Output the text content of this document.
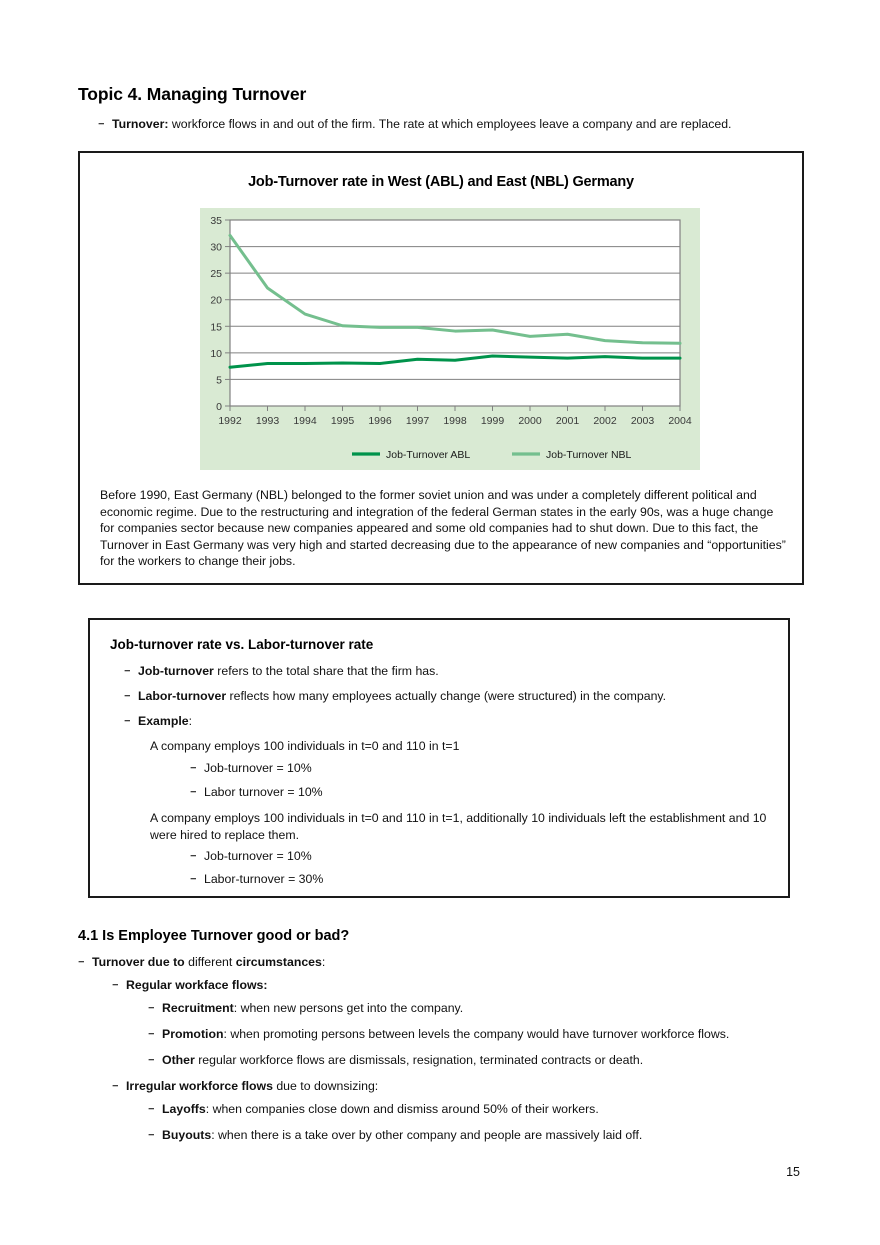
Topic 4. Managing Turnover
⁻ Turnover: workforce flows in and out of the firm. The rate at which employees leave a company and are replaced.
Job-Turnover rate in West (ABL) and East (NBL) Germany
0
5
10
15
20
25
30
35
1992 1993 1994 1995 1996 1997 1998 1999 2000 2001 2002 2003 2004
Job-Turnover ABL	Job-Turnover NBL
Before 1990, East Germany (NBL) belonged to the former soviet union and was under a completely different political and economic regime. Due to the restructuring and integration of the federal German states in the early 90s, was a huge change for companies sector because new companies appeared and some old companies had to shut down. Due to this fact, the Turnover in East Germany was very high and started decreasing due to the appearance of new companies and “opportunities” for the workers to change their jobs.
Job-turnover rate vs. Labor-turnover rate
⁻ Job-turnover refers to the total share that the firm has.
⁻ Labor-turnover reflects how many employees actually change (were structured) in the company.
⁻ Example:
A company employs 100 individuals in t=0 and 110 in t=1
⁻ Job-turnover = 10%
⁻ Labor turnover = 10%
A company employs 100 individuals in t=0 and 110 in t=1, additionally 10 individuals left the establishment and 10 were hired to replace them.
⁻ Job-turnover = 10%
⁻ Labor-turnover = 30%
4.1 Is Employee Turnover good or bad?
⁻ Turnover due to different circumstances:
⁻ Regular workface flows:
⁻ Recruitment: when new persons get into the company.
⁻ Promotion: when promoting persons between levels the company would have turnover workforce flows.
⁻ Other regular workforce flows are dismissals, resignation, terminated contracts or death.
⁻ Irregular workforce flows due to downsizing:
⁻ Layoffs: when companies close down and dismiss around 50% of their workers.
⁻ Buyouts: when there is a take over by other company and people are massively laid off.
15
